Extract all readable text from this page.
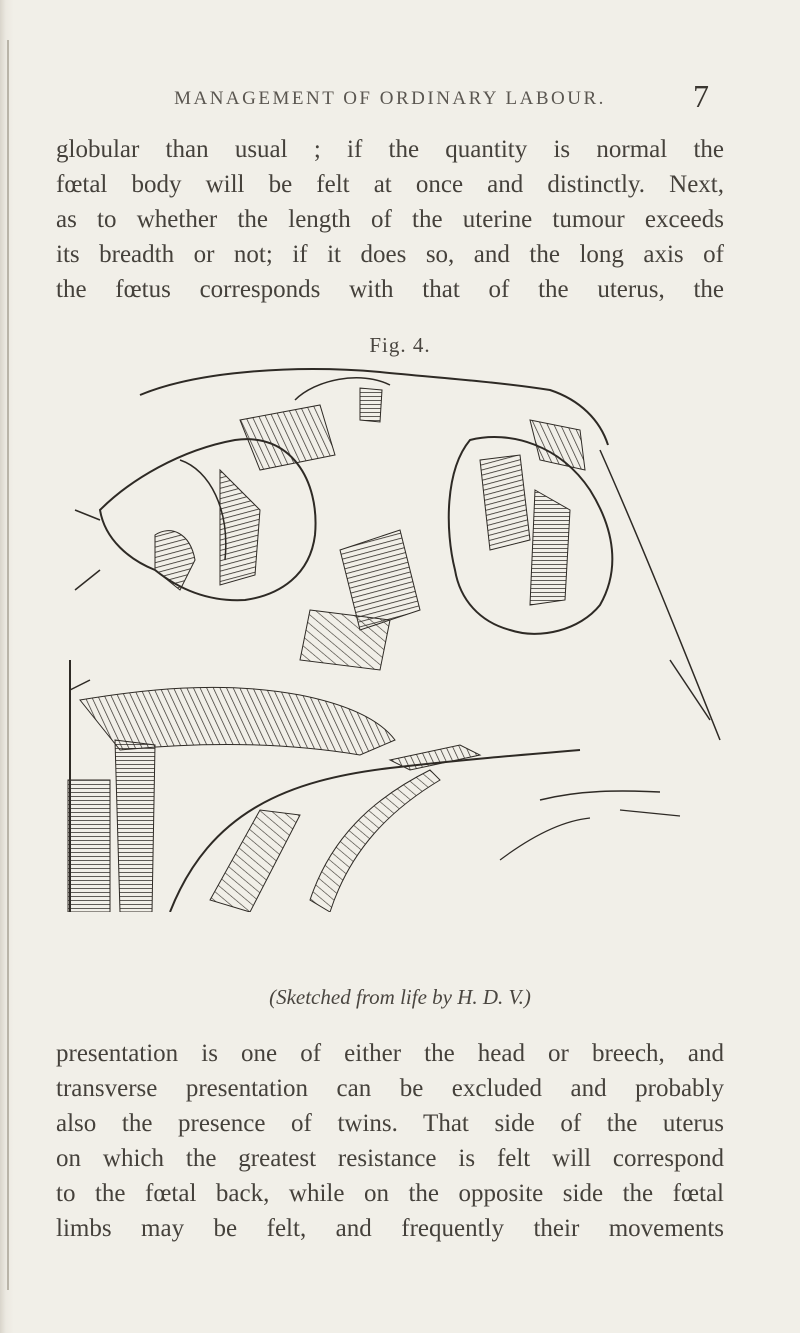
MANAGEMENT OF ORDINARY LABOUR.	7
globular than usual ; if the quantity is normal the
fœtal body will be felt at once and distinctly. Next,
as to whether the length of the uterine tumour exceeds
its breadth or not; if it does so, and the long axis of
the fœtus corresponds with that of the uterus, the
Fig. 4.
(Sketched from life by H. D. V.)
presentation is one of either the head or breech, and
transverse presentation can be excluded and probably
also the presence of twins. That side of the uterus
on which the greatest resistance is felt will correspond
to the fœtal back, while on the opposite side the fœtal
limbs may be felt, and frequently their movements
